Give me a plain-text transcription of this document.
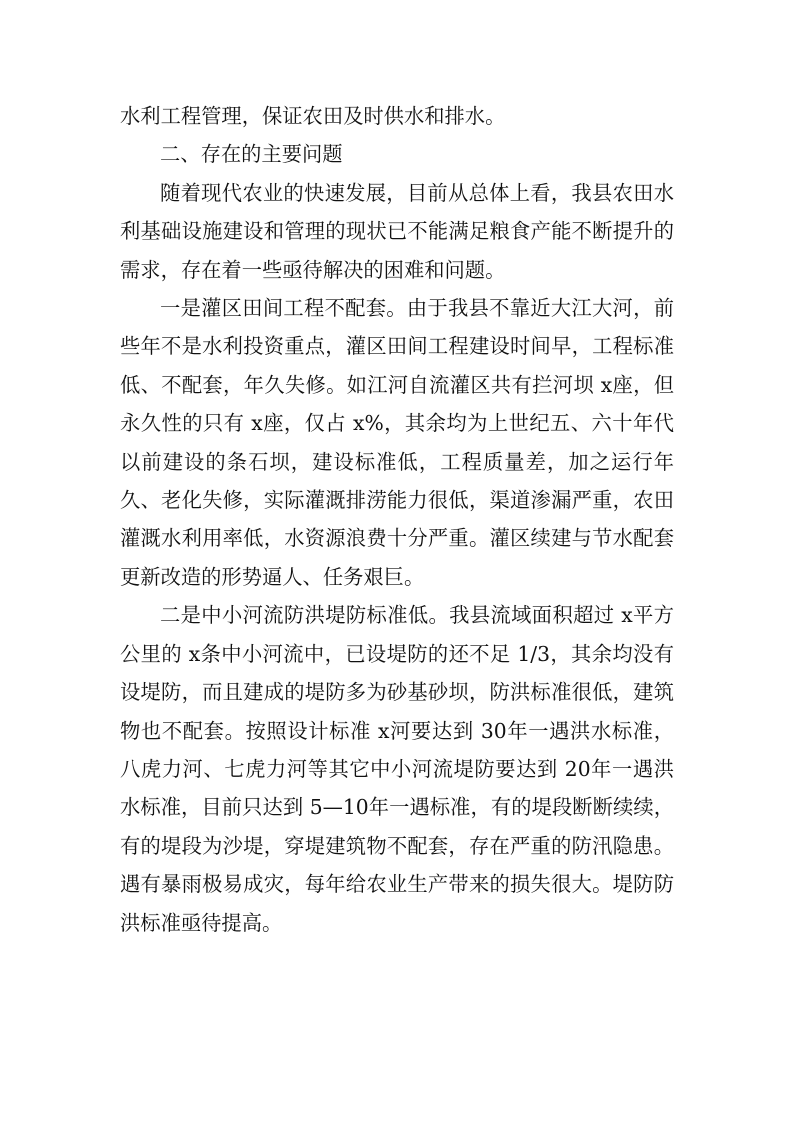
水利工程管理，保证农田及时供水和排水。

二、存在的主要问题

随着现代农业的快速发展，目前从总体上看，我县农田水利基础设施建设和管理的现状已不能满足粮食产能不断提升的需求，存在着一些亟待解决的困难和问题。

一是灌区田间工程不配套。由于我县不靠近大江大河，前些年不是水利投资重点，灌区田间工程建设时间早，工程标准低、不配套，年久失修。如江河自流灌区共有拦河坝 x座，但永久性的只有 x座，仅占 x%，其余均为上世纪五、六十年代以前建设的条石坝，建设标准低，工程质量差，加之运行年久、老化失修，实际灌溉排涝能力很低，渠道渗漏严重，农田灌溉水利用率低，水资源浪费十分严重。灌区续建与节水配套更新改造的形势逼人、任务艰巨。

二是中小河流防洪堤防标准低。我县流域面积超过 x平方公里的 x条中小河流中，已设堤防的还不足 1/3，其余均没有设堤防，而且建成的堤防多为砂基砂坝，防洪标准很低，建筑物也不配套。按照设计标准 x河要达到 30年一遇洪水标准，八虎力河、七虎力河等其它中小河流堤防要达到 20年一遇洪水标准，目前只达到 5—10年一遇标准，有的堤段断断续续，有的堤段为沙堤，穿堤建筑物不配套，存在严重的防汛隐患。遇有暴雨极易成灾，每年给农业生产带来的损失很大。堤防防洪标准亟待提高。
